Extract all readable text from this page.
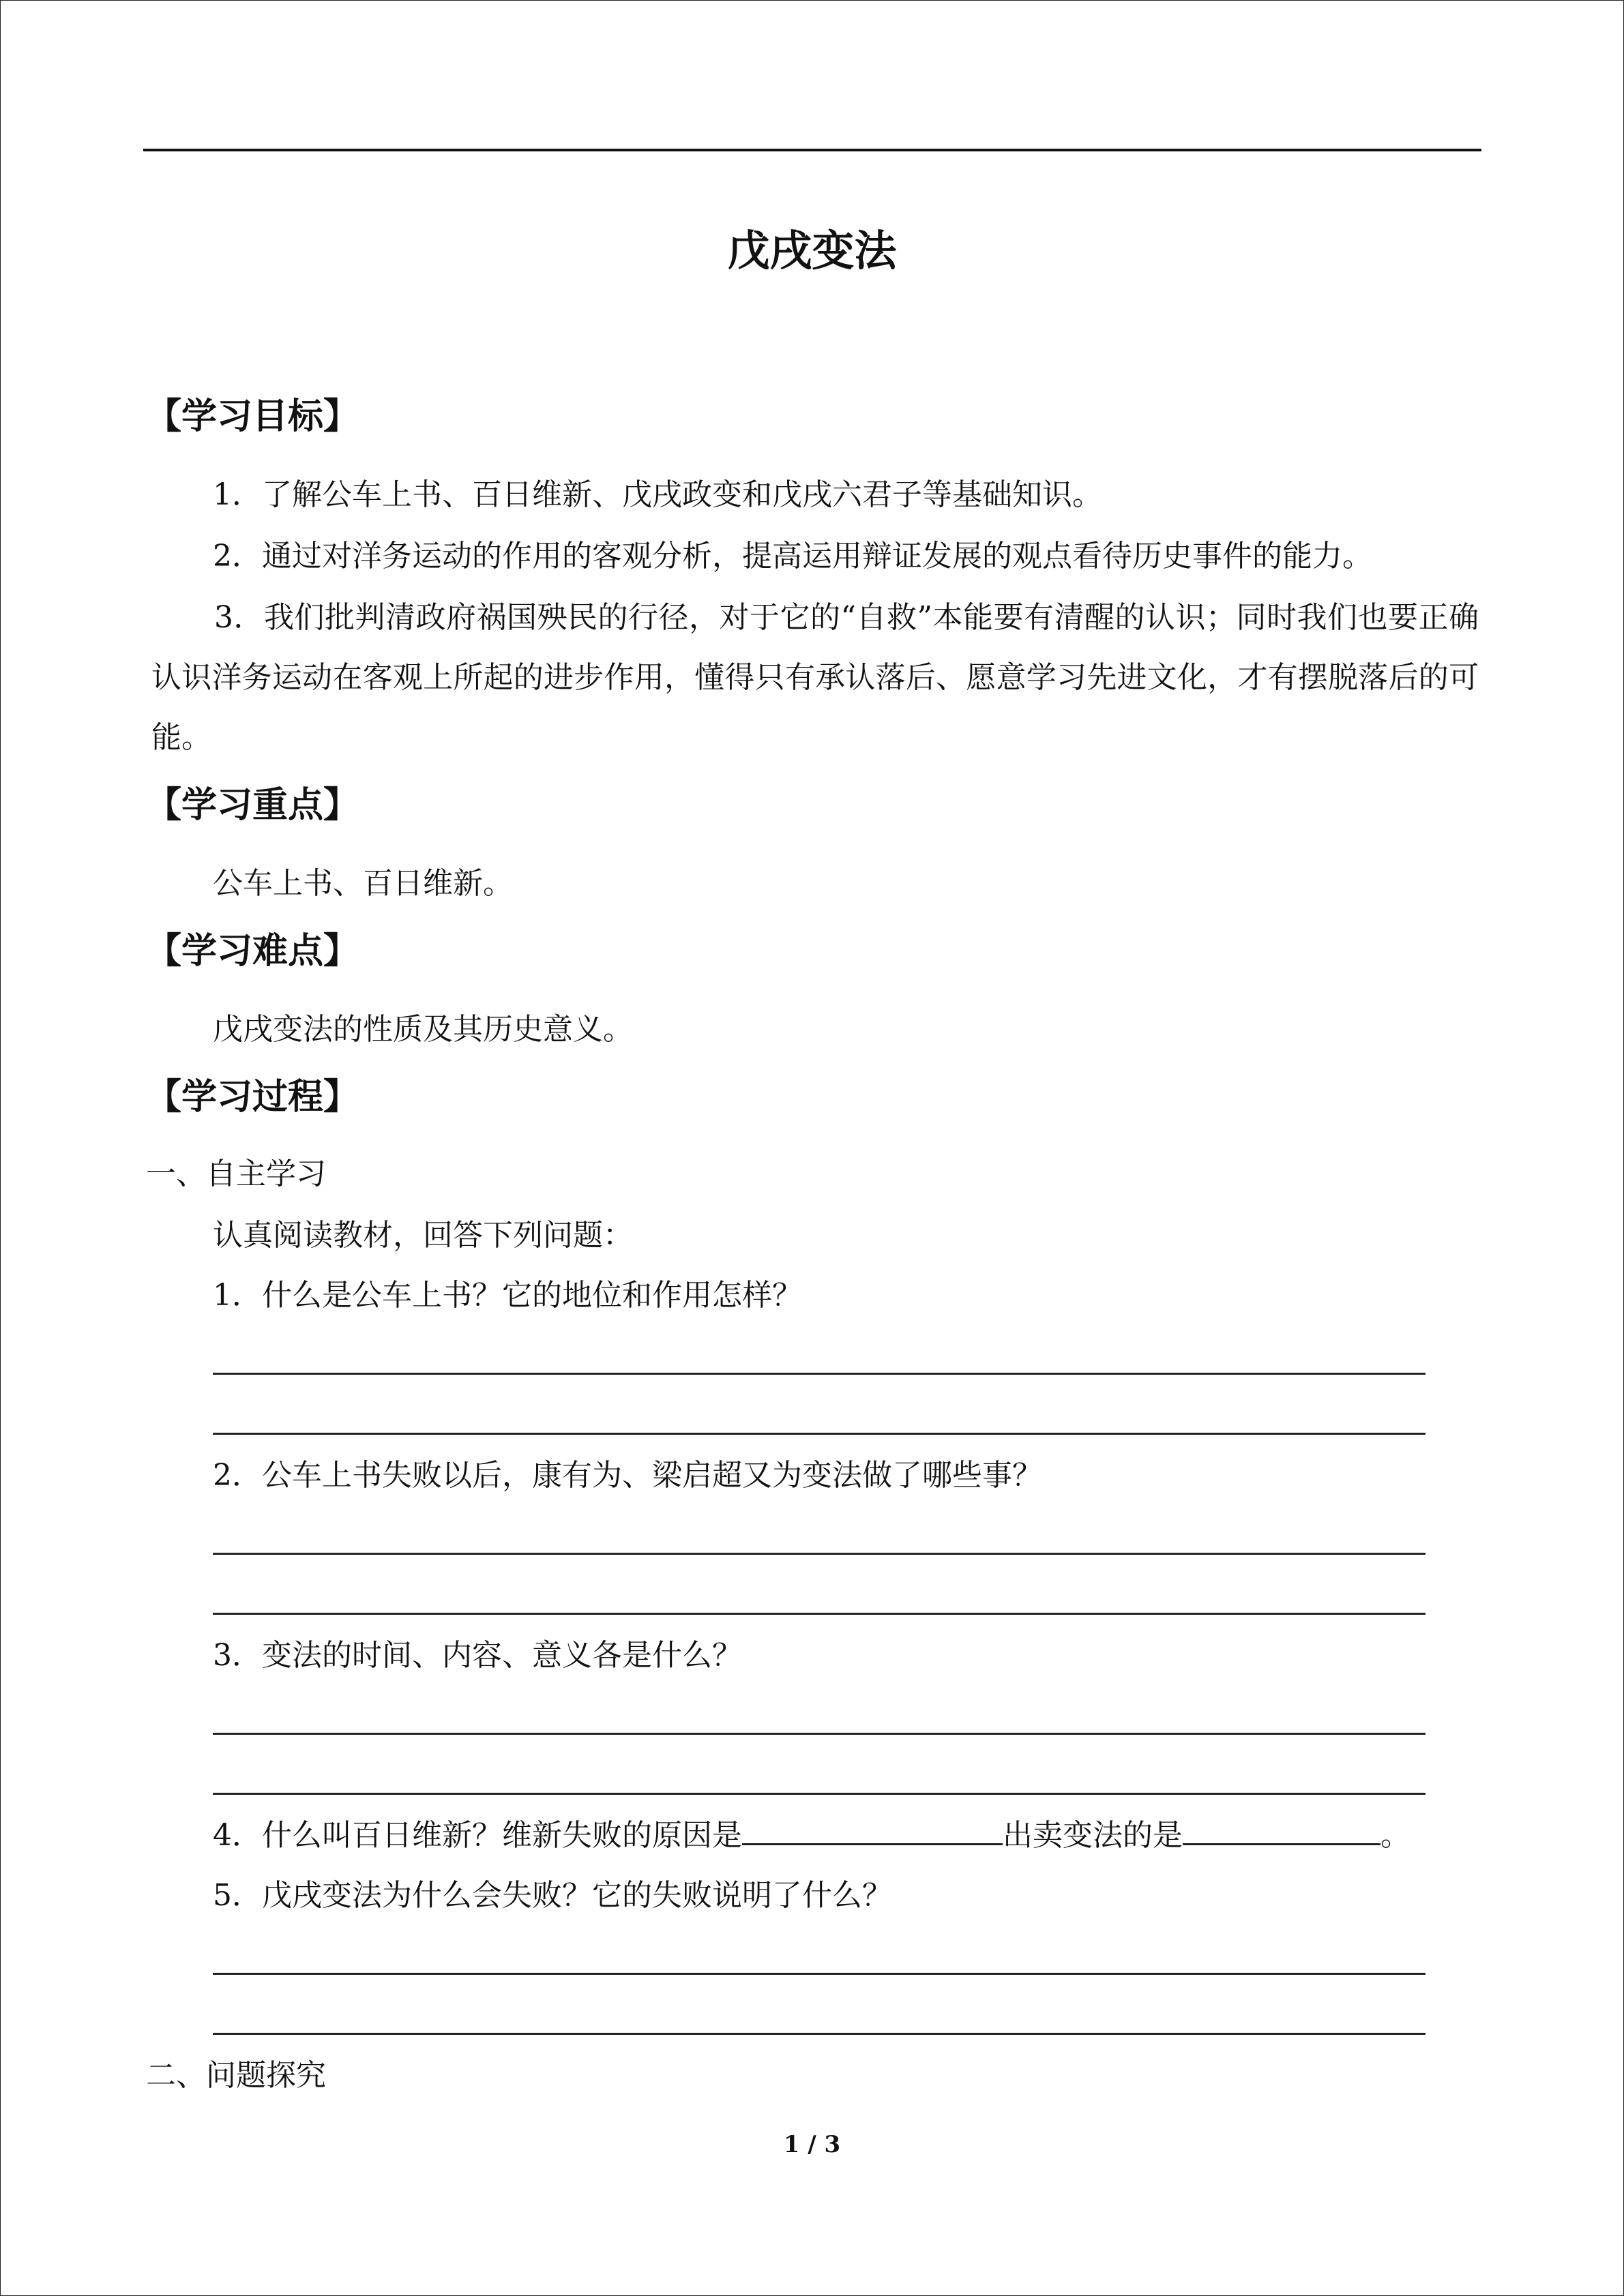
戊戌变法
【学习目标】
1．了解公车上书、百日维新、戊戌政变和戊戌六君子等基础知识。
2．通过对洋务运动的作用的客观分析，提高运用辩证发展的观点看待历史事件的能力。
3．我们批判清政府祸国殃民的行径，对于它的“自救”本能要有清醒的认识；同时我们也要正确认识洋务运动在客观上所起的进步作用，懂得只有承认落后、愿意学习先进文化，才有摆脱落后的可能。
【学习重点】
公车上书、百日维新。
【学习难点】
戊戌变法的性质及其历史意义。
【学习过程】
一、自主学习
认真阅读教材，回答下列问题：
1．什么是公车上书？它的地位和作用怎样？
2．公车上书失败以后，康有为、梁启超又为变法做了哪些事？
3．变法的时间、内容、意义各是什么？
4．什么叫百日维新？维新失败的原因是	出卖变法的是	。
5．戊戌变法为什么会失败？它的失败说明了什么？
二、问题探究
1 / 3
